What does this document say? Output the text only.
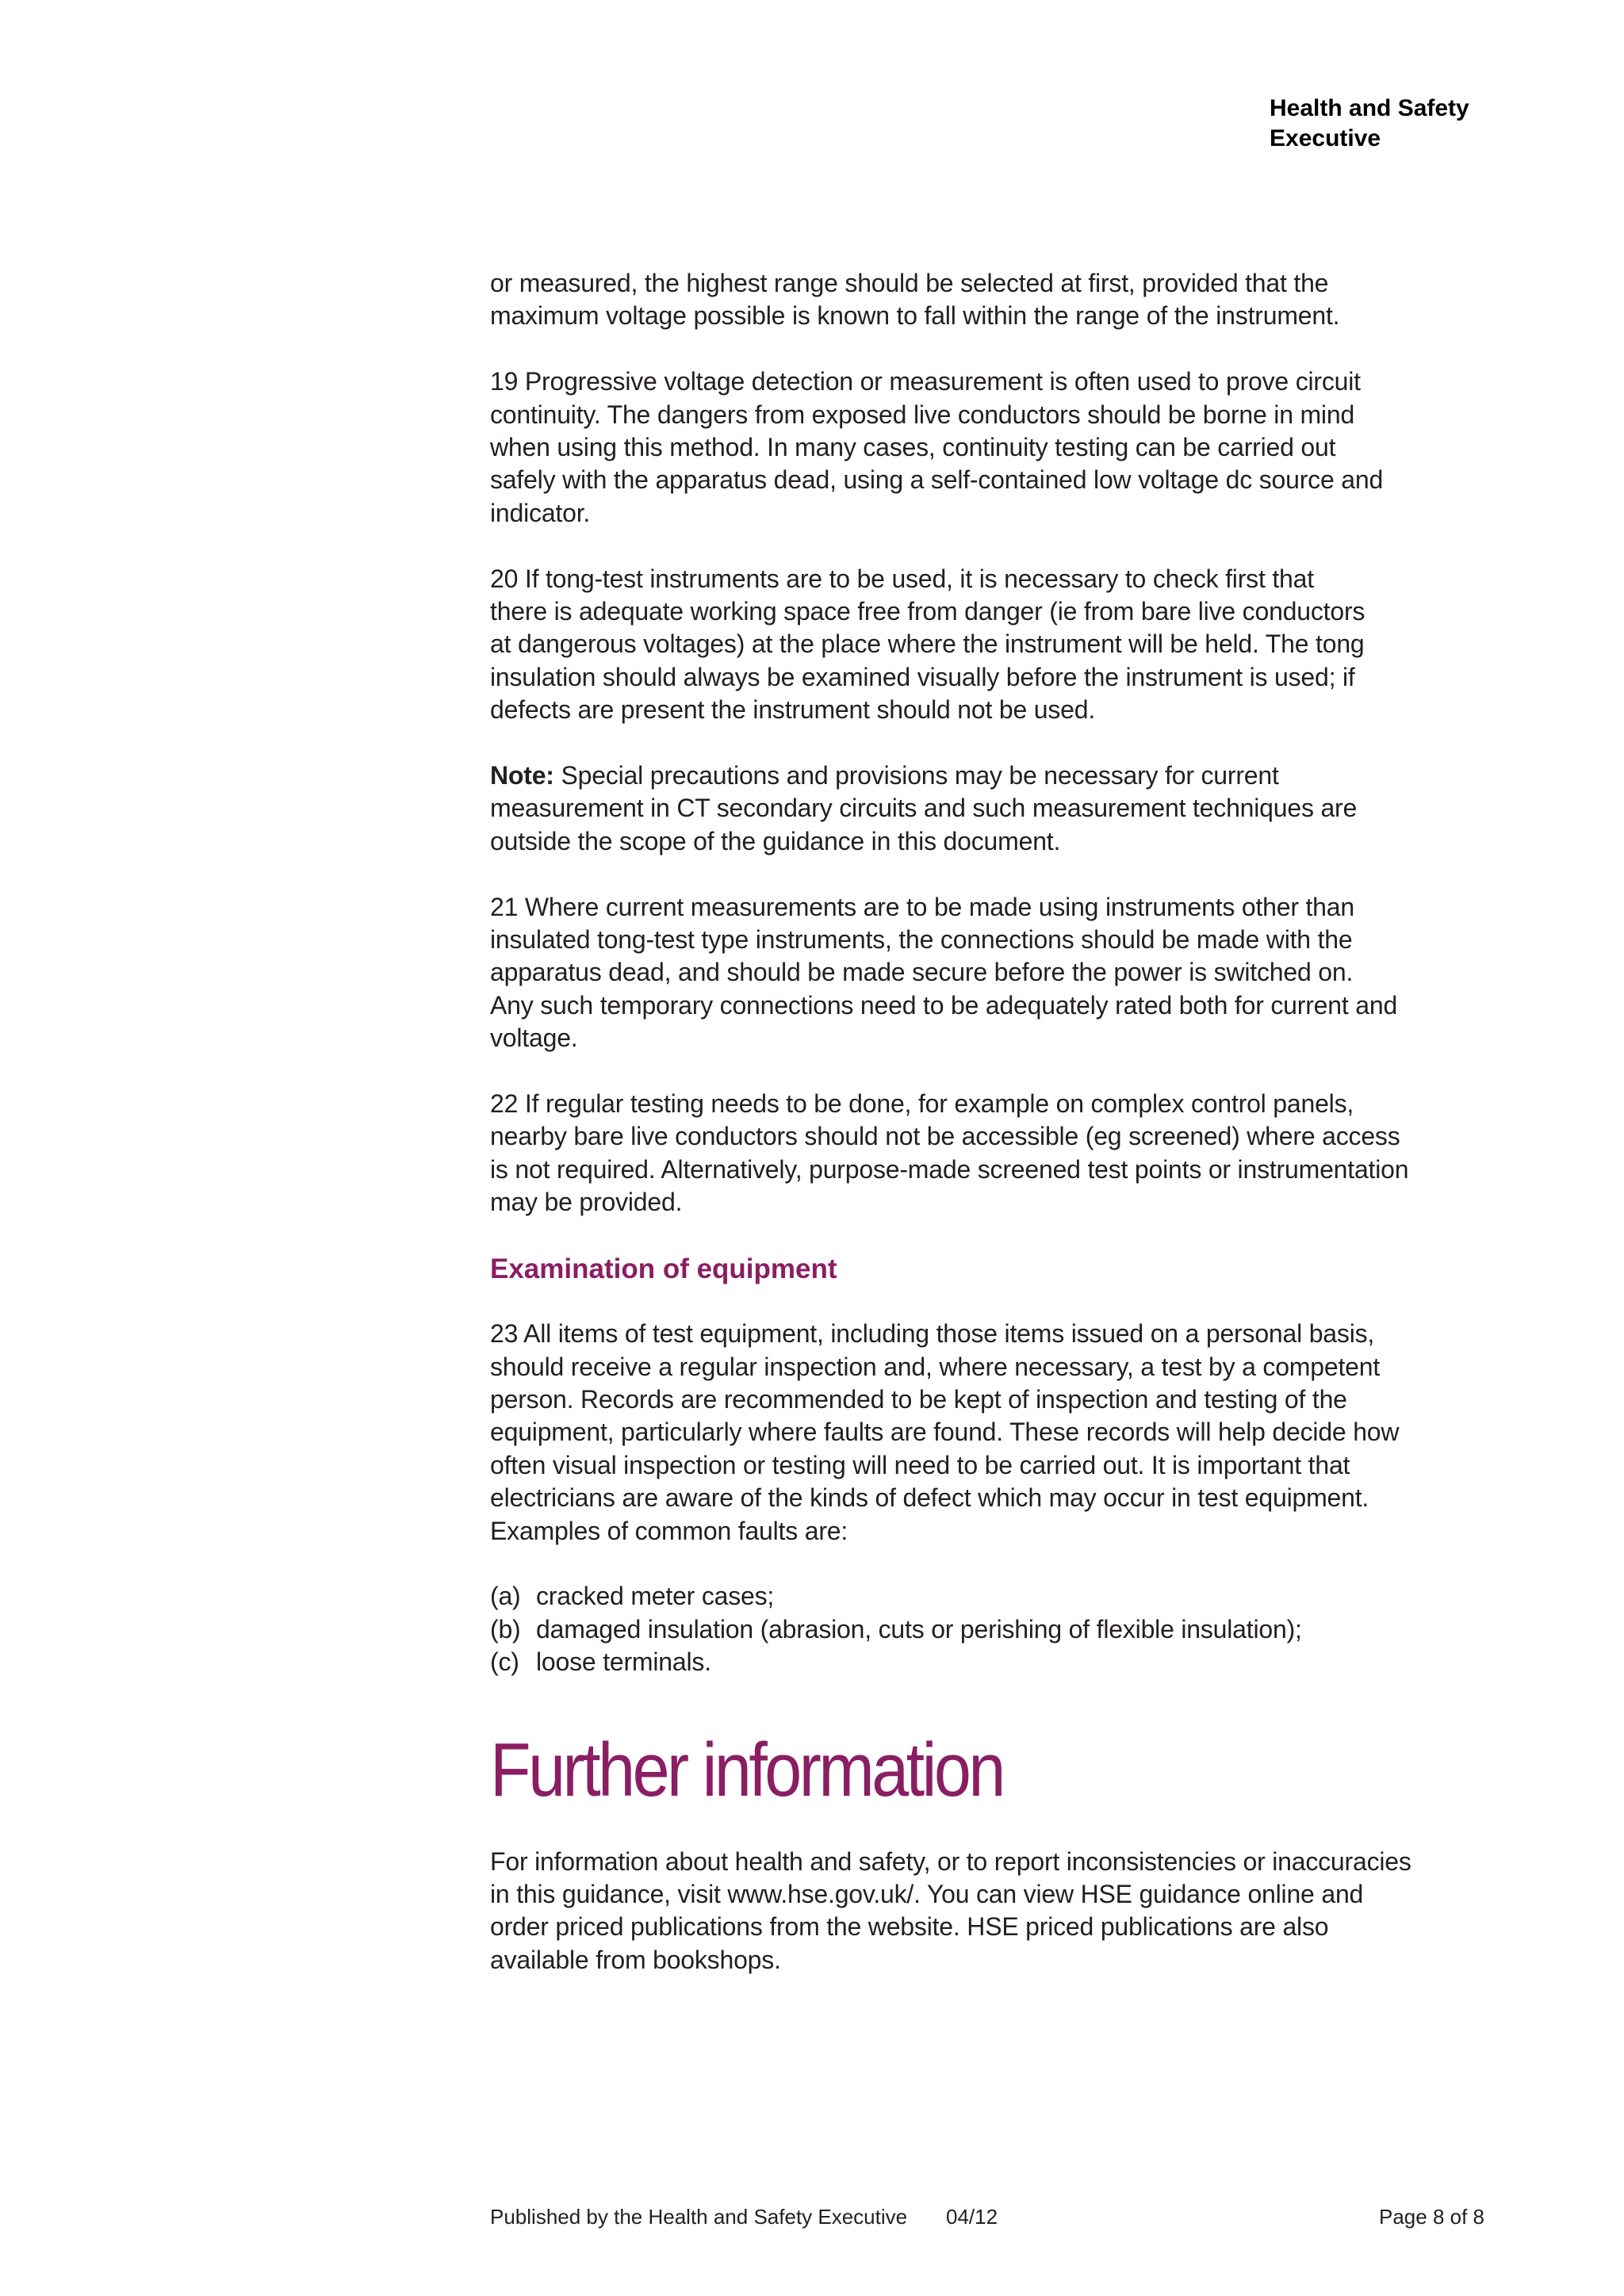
Health and Safety
Executive

or measured, the highest range should be selected at first, provided that the
maximum voltage possible is known to fall within the range of the instrument.

19 Progressive voltage detection or measurement is often used to prove circuit
continuity. The dangers from exposed live conductors should be borne in mind
when using this method. In many cases, continuity testing can be carried out
safely with the apparatus dead, using a self-contained low voltage dc source and
indicator.

20 If tong-test instruments are to be used, it is necessary to check first that
there is adequate working space free from danger (ie from bare live conductors
at dangerous voltages) at the place where the instrument will be held. The tong
insulation should always be examined visually before the instrument is used; if
defects are present the instrument should not be used.

Note: Special precautions and provisions may be necessary for current
measurement in CT secondary circuits and such measurement techniques are
outside the scope of the guidance in this document.

21 Where current measurements are to be made using instruments other than
insulated tong-test type instruments, the connections should be made with the
apparatus dead, and should be made secure before the power is switched on.
Any such temporary connections need to be adequately rated both for current and
voltage.

22 If regular testing needs to be done, for example on complex control panels,
nearby bare live conductors should not be accessible (eg screened) where access
is not required. Alternatively, purpose-made screened test points or instrumentation
may be provided.

Examination of equipment

23 All items of test equipment, including those items issued on a personal basis,
should receive a regular inspection and, where necessary, a test by a competent
person. Records are recommended to be kept of inspection and testing of the
equipment, particularly where faults are found. These records will help decide how
often visual inspection or testing will need to be carried out. It is important that
electricians are aware of the kinds of defect which may occur in test equipment.
Examples of common faults are:

(a) cracked meter cases;
(b) damaged insulation (abrasion, cuts or perishing of flexible insulation);
(c) loose terminals.
Further information

For information about health and safety, or to report inconsistencies or inaccuracies
in this guidance, visit www.hse.gov.uk/. You can view HSE guidance online and
order priced publications from the website. HSE priced publications are also
available from bookshops.

Published by the Health and Safety Executive 04/12	Page 8 of 8
